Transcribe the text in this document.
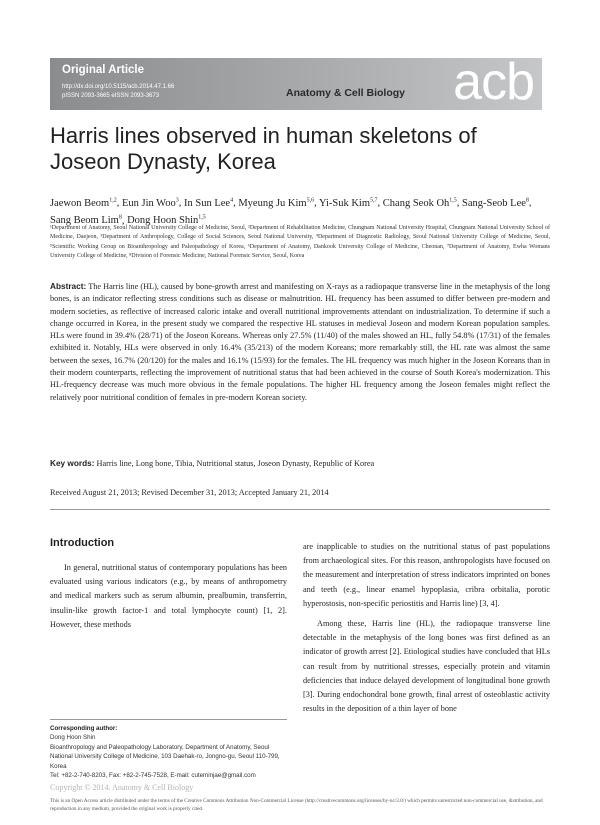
Original Article
http://dx.doi.org/10.5115/acb.2014.47.1.66
pISSN 2093-3665 eISSN 2093-3673	Anatomy & Cell Biology acb
Harris lines observed in human skeletons of Joseon Dynasty, Korea
Jaewon Beom$^{1,2}$, Eun Jin Woo$^3$, In Sun Lee$^4$, Myeung Ju Kim$^{5,6}$, Yi-Suk Kim$^{5,7}$, Chang Seok Oh$^{1,5}$, Sang-Seob Lee$^8$, Sang Beom Lim$^8$, Dong Hoon Shin$^{1,5}$
¹Department of Anatomy, Seoul National University College of Medicine, Seoul, ²Department of Rehabilitation Medicine, Chungnam National University Hospital, Chungnam National University School of Medicine, Daejeon, ³Department of Anthropology, College of Social Sciences, Seoul National University, ⁴Department of Diagnostic Radiology, Seoul National University College of Medicine, Seoul, ⁵Scientific Working Group on Bioanthropology and Paleopathology of Korea, ⁶Department of Anatomy, Dankook University College of Medicine, Cheonan, ⁷Department of Anatomy, Ewha Womans University College of Medicine, ⁸Division of Forensic Medicine, National Forensic Service, Seoul, Korea
Abstract: The Harris line (HL), caused by bone-growth arrest and manifesting on X-rays as a radiopaque transverse line in the metaphysis of the long bones, is an indicator reflecting stress conditions such as disease or malnutrition. HL frequency has been assumed to differ between pre-modern and modern societies, as reflective of increased caloric intake and overall nutritional improvements attendant on industrialization. To determine if such a change occurred in Korea, in the present study we compared the respective HL statuses in medieval Joseon and modern Korean population samples. HLs were found in 39.4% (28/71) of the Joseon Koreans. Whereas only 27.5% (11/40) of the males showed an HL, fully 54.8% (17/31) of the females exhibited it. Notably, HLs were observed in only 16.4% (35/213) of the modern Koreans; more remarkably still, the HL rate was almost the same between the sexes, 16.7% (20/120) for the males and 16.1% (15/93) for the females. The HL frequency was much higher in the Joseon Koreans than in their modern counterparts, reflecting the improvement of nutritional status that had been achieved in the course of South Korea's modernization. This HL-frequency decrease was much more obvious in the female populations. The higher HL frequency among the Joseon females might reflect the relatively poor nutritional condition of females in pre-modern Korean society.
Key words: Harris line, Long bone, Tibia, Nutritional status, Joseon Dynasty, Republic of Korea
Received August 21, 2013; Revised December 31, 2013; Accepted January 21, 2014
Introduction

In general, nutritional status of contemporary populations has been evaluated using various indicators (e.g., by means of anthropometry and medical markers such as serum albumin, prealbumin, transferrin, insulin-like growth factor-1 and total lymphocyte count) [1, 2]. However, these methods

are inapplicable to studies on the nutritional status of past populations from archaeological sites. For this reason, anthropologists have focused on the measurement and interpretation of stress indicators imprinted on bones and teeth (e.g., linear enamel hypoplasia, cribra orbitalia, porotic hyperostosis, non-specific periostitis and Harris line) [3, 4].

Among these, Harris line (HL), the radiopaque transverse line detectable in the metaphysis of the long bones was first defined as an indicator of growth arrest [2]. Etiological studies have concluded that HLs can result from by nutritional stresses, especially protein and vitamin deficiencies that induce delayed development of longitudinal bone growth [3]. During endochondral bone growth, final arrest of osteoblastic activity results in the deposition of a thin layer of bone

Corresponding author:
Dong Hoon Shin
Bioanthropology and Paleopathology Laboratory, Department of Anatomy, Seoul National University College of Medicine, 103 Daehak-ro, Jongno-gu, Seoul 110-799, Korea
Tel: +82-2-740-8203, Fax: +82-2-745-7528, E-mail: cuteminjae@gmail.com
Copyright © 2014. Anatomy & Cell Biology
This is an Open Access article distributed under the terms of the Creative Commons Attribution Non-Commercial License (http://creativecommons.org/licenses/by-nc/3.0/) which permits unrestricted non-commercial use, distribution, and reproduction in any medium, provided the original work is properly cited.
